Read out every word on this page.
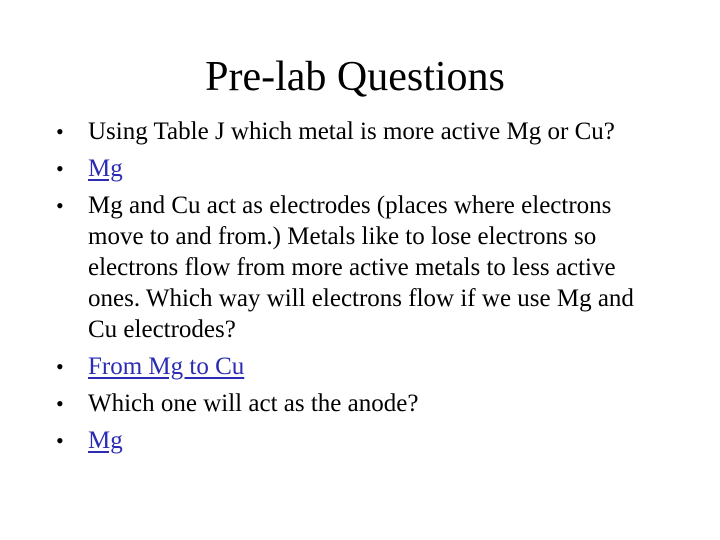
Pre-lab Questions
• Using Table J which metal is more active Mg or Cu?
• Mg
• Mg and Cu act as electrodes (places where electrons move to and from.) Metals like to lose electrons so electrons flow from more active metals to less active ones. Which way will electrons flow if we use Mg and Cu electrodes?
• From Mg to Cu
• Which one will act as the anode?
• Mg
